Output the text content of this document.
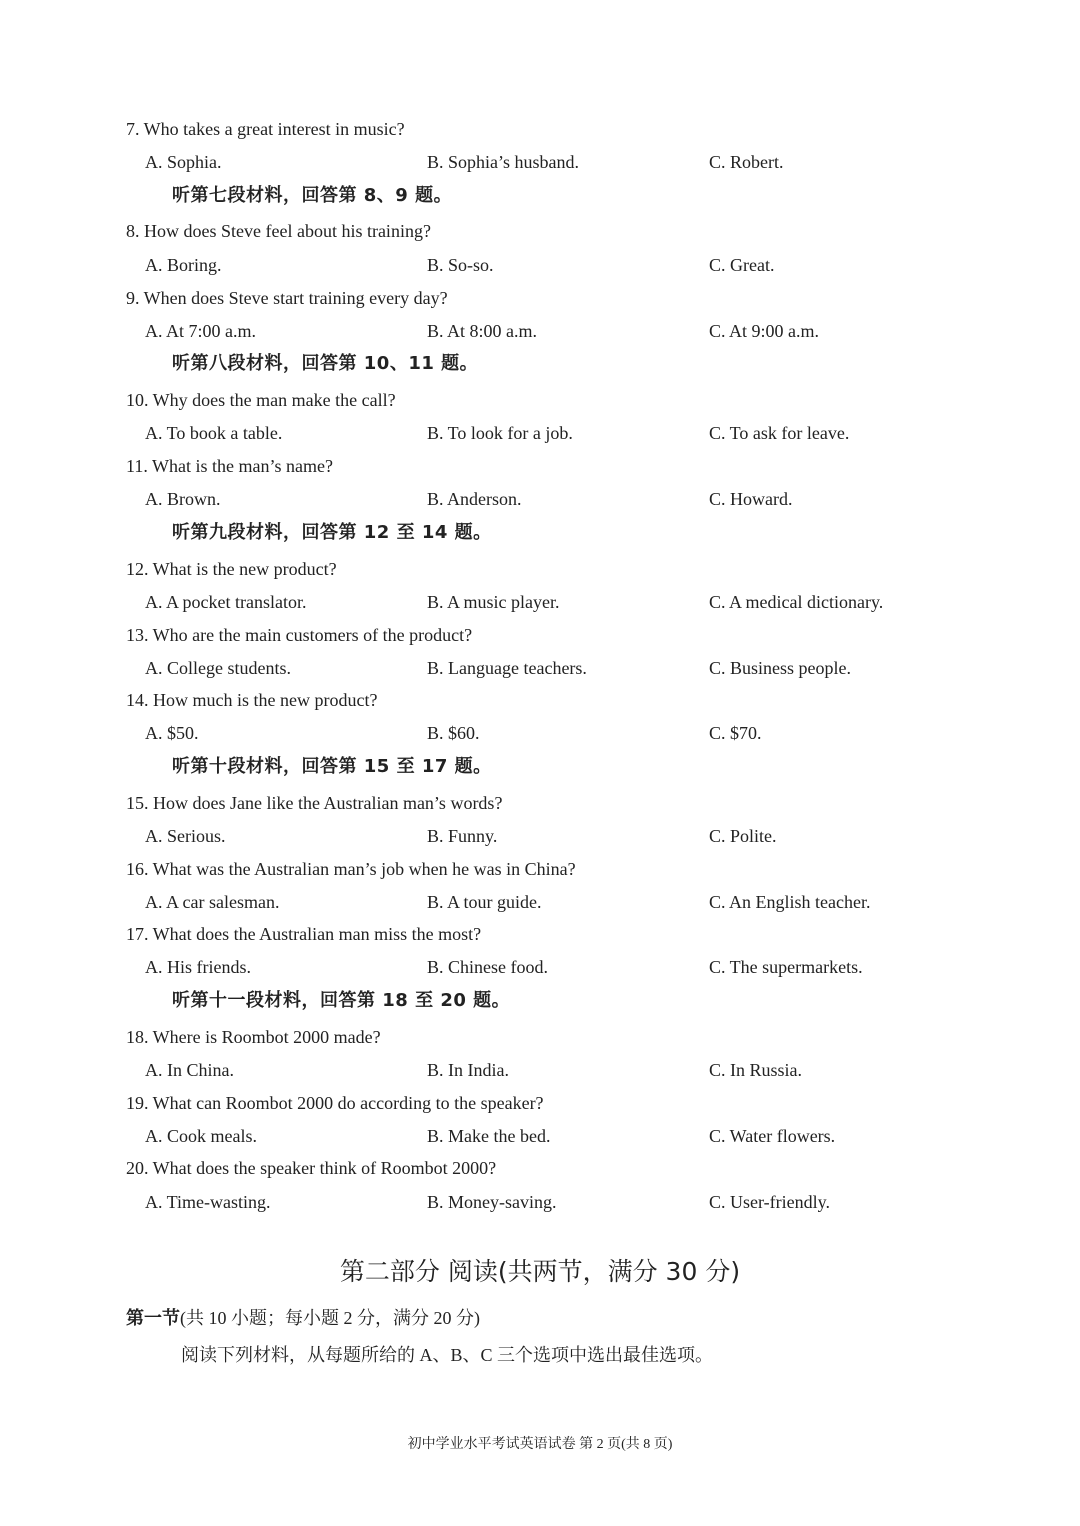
7. Who takes a great interest in music?
A. Sophia.	B. Sophia’s husband.	C. Robert.
听第七段材料，回答第 8、9 题。
8. How does Steve feel about his training?
A. Boring.	B. So-so.	C. Great.
9. When does Steve start training every day?
A. At 7:00 a.m.	B. At 8:00 a.m.	C. At 9:00 a.m.
听第八段材料，回答第 10、11 题。
10. Why does the man make the call?
A. To book a table.	B. To look for a job.	C. To ask for leave.
11. What is the man’s name?
A. Brown.	B. Anderson.	C. Howard.
听第九段材料，回答第 12 至 14 题。
12. What is the new product?
A. A pocket translator.	B. A music player.	C. A medical dictionary.
13. Who are the main customers of the product?
A. College students.	B. Language teachers.	C. Business people.
14. How much is the new product?
A. $50.	B. $60.	C. $70.
听第十段材料，回答第 15 至 17 题。
15. How does Jane like the Australian man’s words?
A. Serious.	B. Funny.	C. Polite.
16. What was the Australian man’s job when he was in China?
A. A car salesman.	B. A tour guide.	C. An English teacher.
17. What does the Australian man miss the most?
A. His friends.	B. Chinese food.	C. The supermarkets.
听第十一段材料，回答第 18 至 20 题。
18. Where is Roombot 2000 made?
A. In China.	B. In India.	C. In Russia.
19. What can Roombot 2000 do according to the speaker?
A. Cook meals.	B. Make the bed.	C. Water flowers.
20. What does the speaker think of Roombot 2000?
A. Time-wasting.	B. Money-saving.	C. User-friendly.
第二部分 阅读(共两节，满分 30 分)
第一节(共 10 小题；每小题 2 分，满分 20 分)
阅读下列材料，从每题所给的 A、B、C 三个选项中选出最佳选项。
初中学业水平考试英语试卷 第 2 页(共 8 页)
